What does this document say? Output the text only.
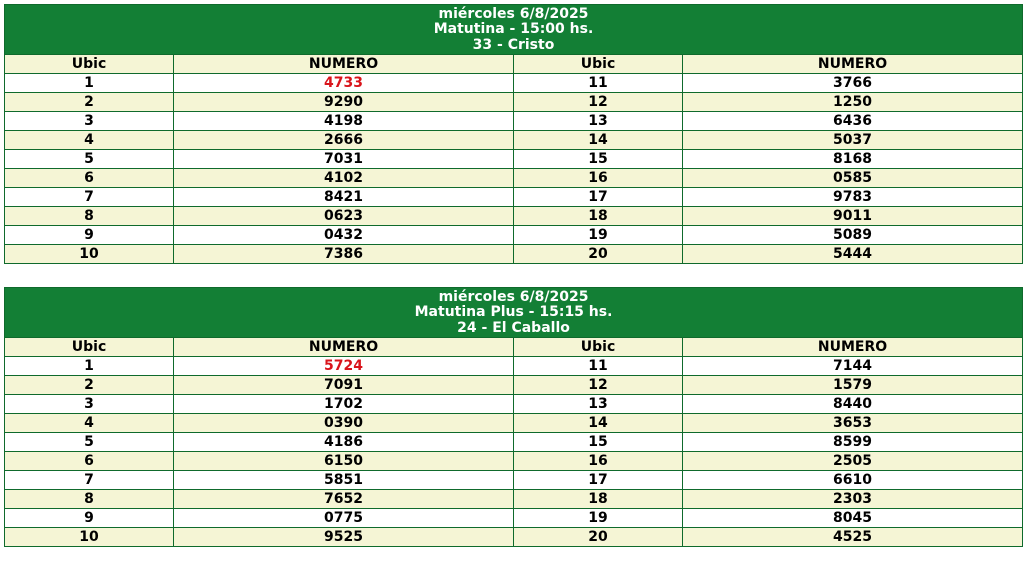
miércoles 6/8/2025
Matutina - 15:00 hs.
33 - Cristo			

Ubic	NUMERO	Ubic	NUMERO
1	4733	11	3766
2	9290	12	1250
3	4198	13	6436
4	2666	14	5037
5	7031	15	8168
6	4102	16	0585
7	8421	17	9783
8	0623	18	9011
9	0432	19	5089
10	7386	20	5444
miércoles 6/8/2025
Matutina Plus - 15:15 hs.
24 - El Caballo			

Ubic	NUMERO	Ubic	NUMERO
1	5724	11	7144
2	7091	12	1579
3	1702	13	8440
4	0390	14	3653
5	4186	15	8599
6	6150	16	2505
7	5851	17	6610
8	7652	18	2303
9	0775	19	8045
10	9525	20	4525
